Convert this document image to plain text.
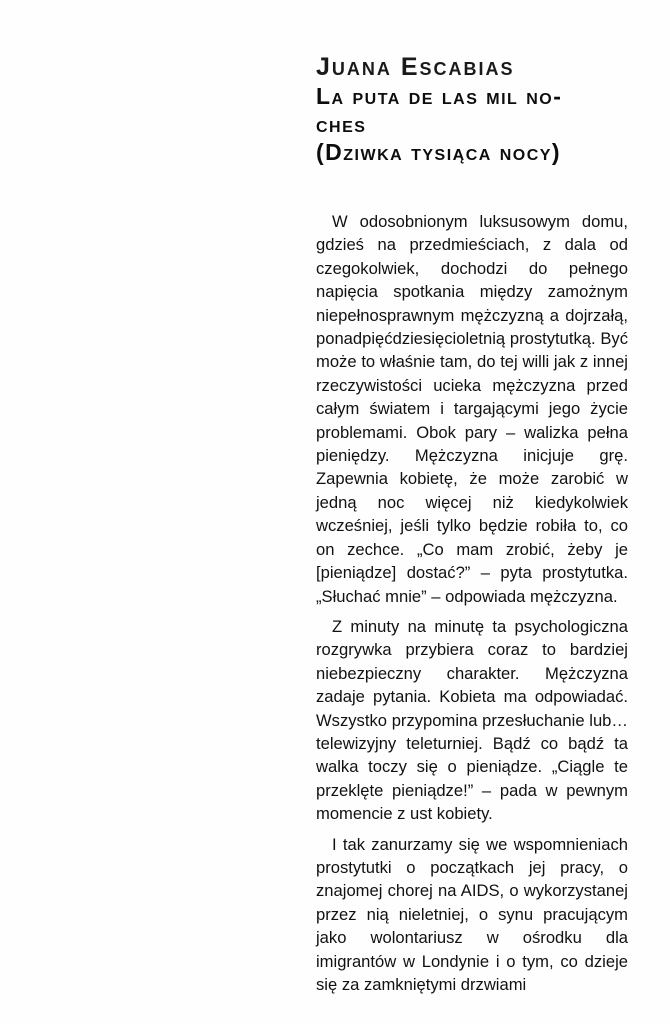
Juana Escabias
La puta de las mil no-
ches
(Dziwka tysiąca nocy)

W odosobnionym luksusowym domu, gdzieś na przedmieściach, z dala od czegokolwiek, dochodzi do pełnego napięcia spotkania między zamożnym niepełnosprawnym mężczyzną a dojrzałą, ponadpięćdziesięcioletnią prostytutką. Być może to właśnie tam, do tej willi jak z innej rzeczywistości ucieka mężczyzna przed całym światem i targającymi jego życie problemami. Obok pary – walizka pełna pieniędzy. Mężczyzna inicjuje grę. Zapewnia kobietę, że może zarobić w jedną noc więcej niż kiedykolwiek wcześniej, jeśli tylko będzie robiła to, co on zechce. „Co mam zrobić, żeby je [pieniądze] dostać?” – pyta prostytutka. „Słuchać mnie” – odpowiada mężczyzna.

Z minuty na minutę ta psychologiczna rozgrywka przybiera coraz to bardziej niebezpieczny charakter. Mężczyzna zadaje pytania. Kobieta ma odpowiadać. Wszystko przypomina przesłuchanie lub… telewizyjny teleturniej. Bądź co bądź ta walka toczy się o pieniądze. „Ciągle te przeklęte pieniądze!” – pada w pewnym momencie z ust kobiety.

I tak zanurzamy się we wspomnieniach prostytutki o początkach jej pracy, o znajomej chorej na AIDS, o wykorzystanej przez nią nieletniej, o synu pracującym jako wolontariusz w ośrodku dla imigrantów w Londynie i o tym, co dzieje się za zamkniętymi drzwiami
